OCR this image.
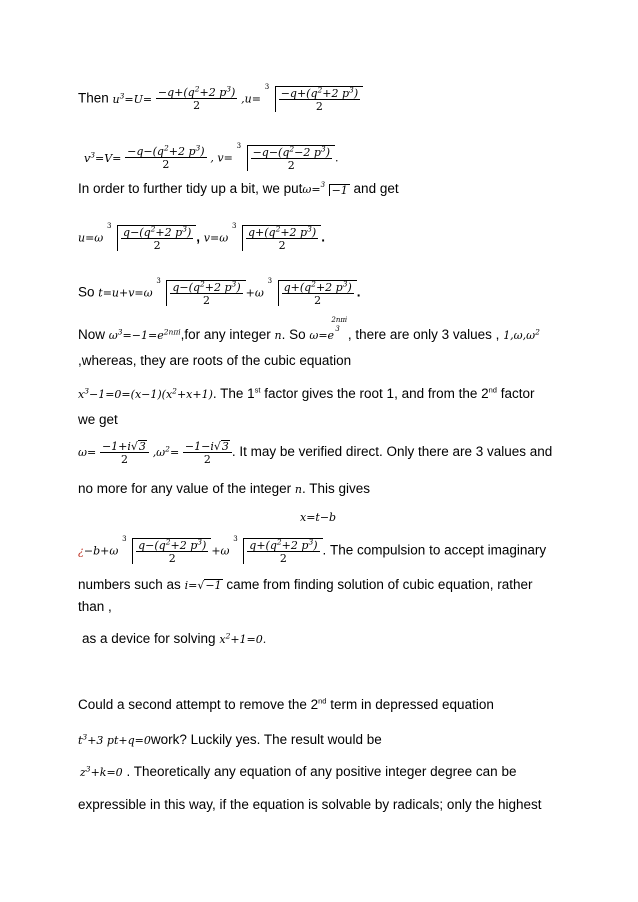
Then $u^3=U= \frac{-q+(q^2+2 p^3)}{2} ,u=$
3
$\frac{-q+(q^2+2 p^3)}{2}$
$v^3=V= \frac{-q-(q^2+2 p^3)}{2}$ , v=
3
$\frac{-q-(q^2-2 p^3)}{2}$ .
In order to further tidy up a bit, we putω= 3 −1 and get
u=ω
3
$\frac{q-(q^2+2 p^3)}{2}$ , v=ω
3
$\frac{q+(q^2+2 p^3)}{2}$ .
So t=u+v=ω
3
$\frac{q-(q^2+2 p^3)}{2} +\omega$
3
$\frac{q+(q^2+2 p^3)}{2}$ .
Now $\omega^3=-1=e^{2n\pi i},for$ any integer n. So ω=e
2nπi
3 , there are only 3 values , $1,\omega,\omega^2$
,whereas, they are roots of the cubic equation
$x^3-1=0=(x-1)(x^2+x+1)$. The 1st factor gives the root 1, and from the 2nd factor
we get
$\omega= \frac{-1+i√3}{2} ,\omega^2= \frac{-1-i√3}{2}$ . It may be verified direct. Only there are 3 values and
no more for any value of the integer n. This gives
x=t−b
¿−b+ω
3
$\frac{q-(q^2+2 p^3)}{2} +\omega$
3
$\frac{q+(q^2+2 p^3)}{2}$ . The compulsion to accept imaginary
numbers such as i=√−1 came from finding solution of cubic equation, rather
than ,
as a device for solving $x^2+1=0$.
Could a second attempt to remove the 2nd term in depressed equation
$t^3+3$ pt+q=0work? Luckily yes. The result would be
$z^3+k=0$ . Theoretically any equation of any positive integer degree can be
expressible in this way, if the equation is solvable by radicals; only the highest
